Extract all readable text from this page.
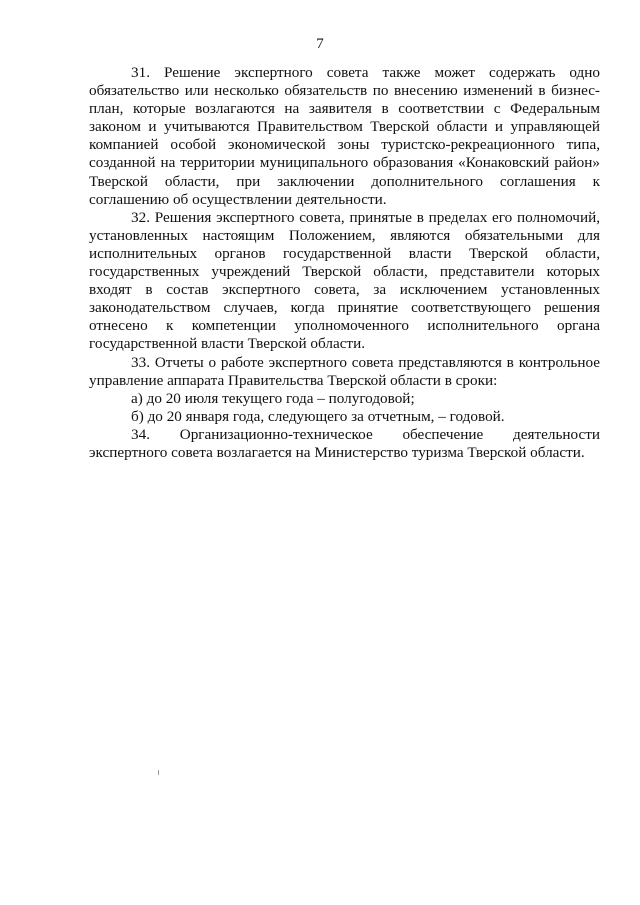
7

31. Решение экспертного совета также может содержать одно обязательство или несколько обязательств по внесению изменений в бизнес-план, которые возлагаются на заявителя в соответствии с Федеральным законом и учитываются Правительством Тверской области и управляющей компанией особой экономической зоны туристско-рекреационного типа, созданной на территории муниципального образования «Конаковский район» Тверской области, при заключении дополнительного соглашения к соглашению об осуществлении деятельности.

32. Решения экспертного совета, принятые в пределах его полномочий, установленных настоящим Положением, являются обязательными для исполнительных органов государственной власти Тверской области, государственных учреждений Тверской области, представители которых входят в состав экспертного совета, за исключением установленных законодательством случаев, когда принятие соответствующего решения отнесено к компетенции уполномоченного исполнительного органа государственной власти Тверской области.

33. Отчеты о работе экспертного совета представляются в контрольное управление аппарата Правительства Тверской области в сроки:

а) до 20 июля текущего года – полугодовой;

б) до 20 января года, следующего за отчетным, – годовой.

34. Организационно-техническое обеспечение деятельности экспертного совета возлагается на Министерство туризма Тверской области.
